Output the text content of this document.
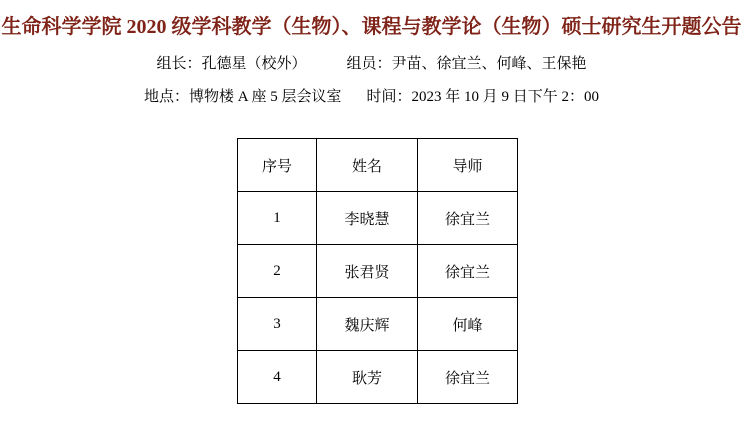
生命科学学院 2020 级学科教学（生物）、课程与教学论（生物）硕士研究生开题公告
组长：孔德星（校外）	组员：尹苗、徐宜兰、何峰、王保艳
地点：博物楼 A 座 5 层会议室 时间：2023 年 10 月 9 日下午 2：00
序号	姓名	导师
1	李晓慧	徐宜兰
2	张君贤	徐宜兰
3	魏庆辉	何峰
4	耿芳	徐宜兰
